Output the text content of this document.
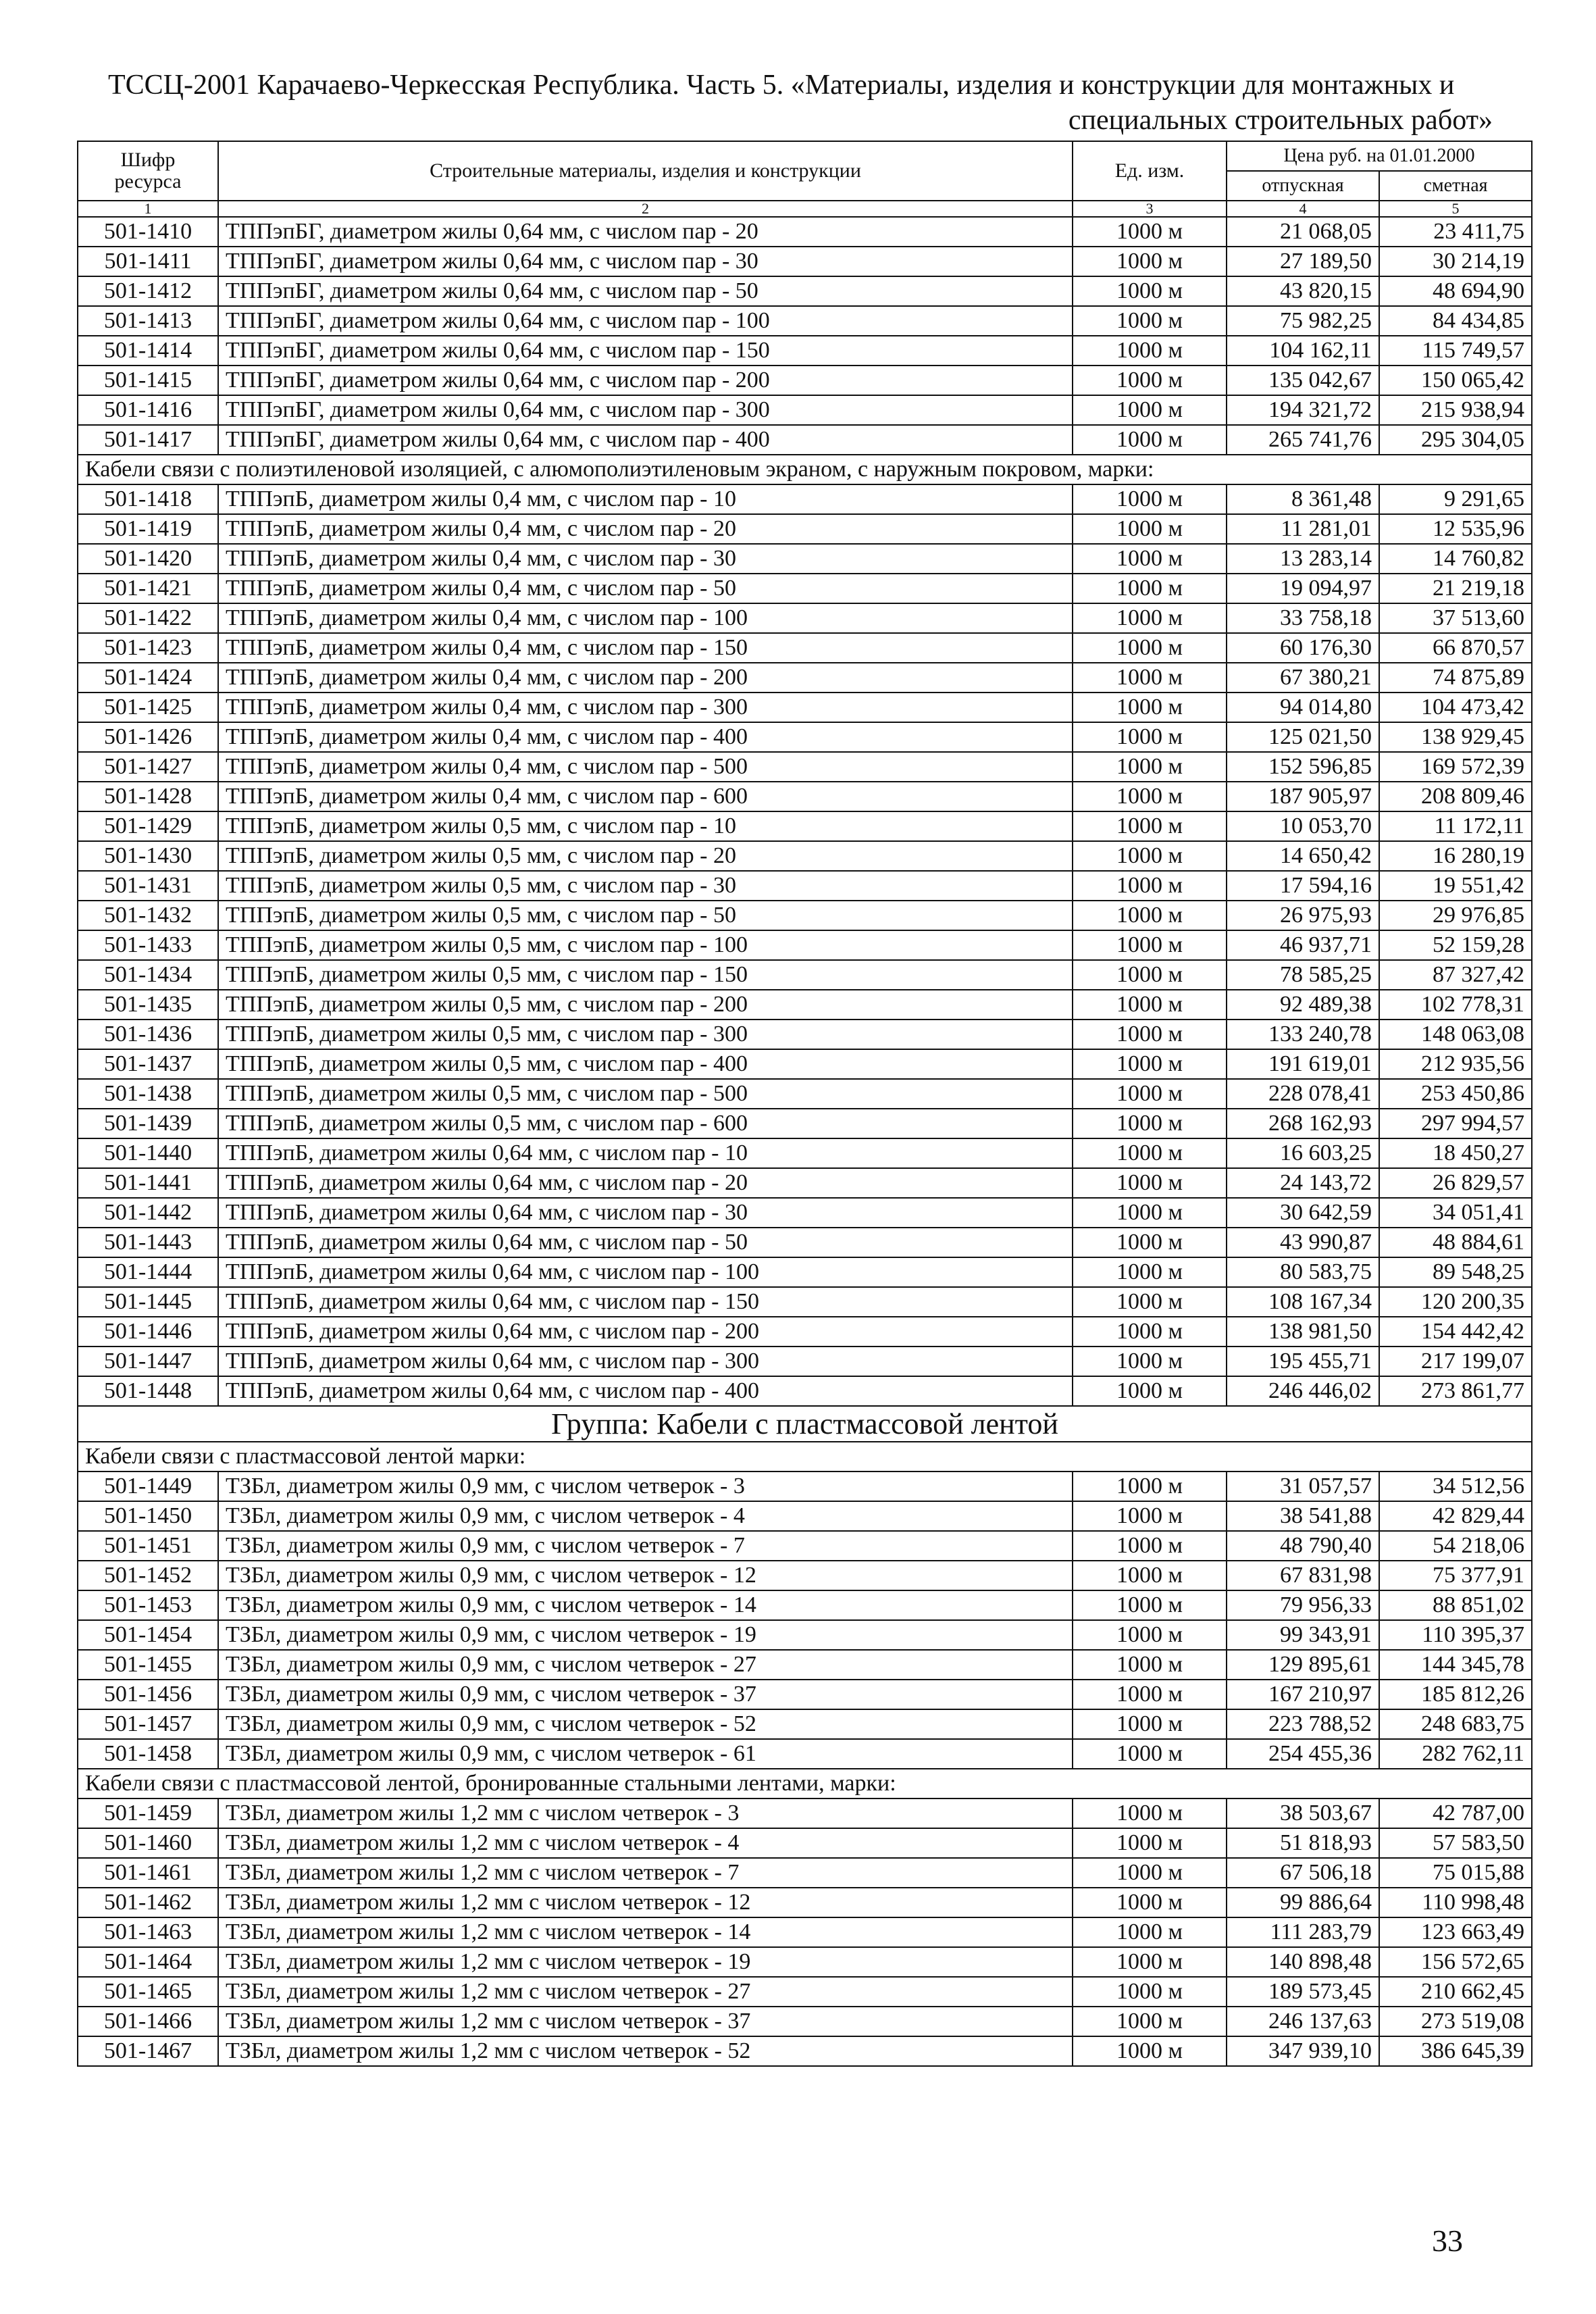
ТССЦ-2001 Карачаево-Черкесская Республика. Часть 5. «Материалы, изделия и конструкции для монтажных и
специальных строительных работ»
Шифр ресурса	Строительные материалы, изделия и конструкции	Ед. изм.	Цена руб. на 01.01.2000	
			отпускная	сметная
1	2	3	4	5
501-1410	ТППэпБГ, диаметром жилы 0,64 мм, с числом пар - 20	1000 м	21 068,05	23 411,75
501-1411	ТППэпБГ, диаметром жилы 0,64 мм, с числом пар - 30	1000 м	27 189,50	30 214,19
501-1412	ТППэпБГ, диаметром жилы 0,64 мм, с числом пар - 50	1000 м	43 820,15	48 694,90
501-1413	ТППэпБГ, диаметром жилы 0,64 мм, с числом пар - 100	1000 м	75 982,25	84 434,85
501-1414	ТППэпБГ, диаметром жилы 0,64 мм, с числом пар - 150	1000 м	104 162,11	115 749,57
501-1415	ТППэпБГ, диаметром жилы 0,64 мм, с числом пар - 200	1000 м	135 042,67	150 065,42
501-1416	ТППэпБГ, диаметром жилы 0,64 мм, с числом пар - 300	1000 м	194 321,72	215 938,94
501-1417	ТППэпБГ, диаметром жилы 0,64 мм, с числом пар - 400	1000 м	265 741,76	295 304,05
Кабели связи с полиэтиленовой изоляцией, с алюмополиэтиленовым экраном, с наружным покровом, марки:				
501-1418	ТППэпБ, диаметром жилы 0,4 мм, с числом пар - 10	1000 м	8 361,48	9 291,65
501-1419	ТППэпБ, диаметром жилы 0,4 мм, с числом пар - 20	1000 м	11 281,01	12 535,96
501-1420	ТППэпБ, диаметром жилы 0,4 мм, с числом пар - 30	1000 м	13 283,14	14 760,82
501-1421	ТППэпБ, диаметром жилы 0,4 мм, с числом пар - 50	1000 м	19 094,97	21 219,18
501-1422	ТППэпБ, диаметром жилы 0,4 мм, с числом пар - 100	1000 м	33 758,18	37 513,60
501-1423	ТППэпБ, диаметром жилы 0,4 мм, с числом пар - 150	1000 м	60 176,30	66 870,57
501-1424	ТППэпБ, диаметром жилы 0,4 мм, с числом пар - 200	1000 м	67 380,21	74 875,89
501-1425	ТППэпБ, диаметром жилы 0,4 мм, с числом пар - 300	1000 м	94 014,80	104 473,42
501-1426	ТППэпБ, диаметром жилы 0,4 мм, с числом пар - 400	1000 м	125 021,50	138 929,45
501-1427	ТППэпБ, диаметром жилы 0,4 мм, с числом пар - 500	1000 м	152 596,85	169 572,39
501-1428	ТППэпБ, диаметром жилы 0,4 мм, с числом пар - 600	1000 м	187 905,97	208 809,46
501-1429	ТППэпБ, диаметром жилы 0,5 мм, с числом пар - 10	1000 м	10 053,70	11 172,11
501-1430	ТППэпБ, диаметром жилы 0,5 мм, с числом пар - 20	1000 м	14 650,42	16 280,19
501-1431	ТППэпБ, диаметром жилы 0,5 мм, с числом пар - 30	1000 м	17 594,16	19 551,42
501-1432	ТППэпБ, диаметром жилы 0,5 мм, с числом пар - 50	1000 м	26 975,93	29 976,85
501-1433	ТППэпБ, диаметром жилы 0,5 мм, с числом пар - 100	1000 м	46 937,71	52 159,28
501-1434	ТППэпБ, диаметром жилы 0,5 мм, с числом пар - 150	1000 м	78 585,25	87 327,42
501-1435	ТППэпБ, диаметром жилы 0,5 мм, с числом пар - 200	1000 м	92 489,38	102 778,31
501-1436	ТППэпБ, диаметром жилы 0,5 мм, с числом пар - 300	1000 м	133 240,78	148 063,08
501-1437	ТППэпБ, диаметром жилы 0,5 мм, с числом пар - 400	1000 м	191 619,01	212 935,56
501-1438	ТППэпБ, диаметром жилы 0,5 мм, с числом пар - 500	1000 м	228 078,41	253 450,86
501-1439	ТППэпБ, диаметром жилы 0,5 мм, с числом пар - 600	1000 м	268 162,93	297 994,57
501-1440	ТППэпБ, диаметром жилы 0,64 мм, с числом пар - 10	1000 м	16 603,25	18 450,27
501-1441	ТППэпБ, диаметром жилы 0,64 мм, с числом пар - 20	1000 м	24 143,72	26 829,57
501-1442	ТППэпБ, диаметром жилы 0,64 мм, с числом пар - 30	1000 м	30 642,59	34 051,41
501-1443	ТППэпБ, диаметром жилы 0,64 мм, с числом пар - 50	1000 м	43 990,87	48 884,61
501-1444	ТППэпБ, диаметром жилы 0,64 мм, с числом пар - 100	1000 м	80 583,75	89 548,25
501-1445	ТППэпБ, диаметром жилы 0,64 мм, с числом пар - 150	1000 м	108 167,34	120 200,35
501-1446	ТППэпБ, диаметром жилы 0,64 мм, с числом пар - 200	1000 м	138 981,50	154 442,42
501-1447	ТППэпБ, диаметром жилы 0,64 мм, с числом пар - 300	1000 м	195 455,71	217 199,07
501-1448	ТППэпБ, диаметром жилы 0,64 мм, с числом пар - 400	1000 м	246 446,02	273 861,77
Группа: Кабели с пластмассовой лентой				
Кабели связи с пластмассовой лентой марки:				
501-1449	ТЗБл, диаметром жилы 0,9 мм, с числом четверок - 3	1000 м	31 057,57	34 512,56
501-1450	ТЗБл, диаметром жилы 0,9 мм, с числом четверок - 4	1000 м	38 541,88	42 829,44
501-1451	ТЗБл, диаметром жилы 0,9 мм, с числом четверок - 7	1000 м	48 790,40	54 218,06
501-1452	ТЗБл, диаметром жилы 0,9 мм, с числом четверок - 12	1000 м	67 831,98	75 377,91
501-1453	ТЗБл, диаметром жилы 0,9 мм, с числом четверок - 14	1000 м	79 956,33	88 851,02
501-1454	ТЗБл, диаметром жилы 0,9 мм, с числом четверок - 19	1000 м	99 343,91	110 395,37
501-1455	ТЗБл, диаметром жилы 0,9 мм, с числом четверок - 27	1000 м	129 895,61	144 345,78
501-1456	ТЗБл, диаметром жилы 0,9 мм, с числом четверок - 37	1000 м	167 210,97	185 812,26
501-1457	ТЗБл, диаметром жилы 0,9 мм, с числом четверок - 52	1000 м	223 788,52	248 683,75
501-1458	ТЗБл, диаметром жилы 0,9 мм, с числом четверок - 61	1000 м	254 455,36	282 762,11
Кабели связи с пластмассовой лентой, бронированные стальными лентами, марки:				
501-1459	ТЗБл, диаметром жилы 1,2 мм с числом четверок - 3	1000 м	38 503,67	42 787,00
501-1460	ТЗБл, диаметром жилы 1,2 мм с числом четверок - 4	1000 м	51 818,93	57 583,50
501-1461	ТЗБл, диаметром жилы 1,2 мм с числом четверок - 7	1000 м	67 506,18	75 015,88
501-1462	ТЗБл, диаметром жилы 1,2 мм с числом четверок - 12	1000 м	99 886,64	110 998,48
501-1463	ТЗБл, диаметром жилы 1,2 мм с числом четверок - 14	1000 м	111 283,79	123 663,49
501-1464	ТЗБл, диаметром жилы 1,2 мм с числом четверок - 19	1000 м	140 898,48	156 572,65
501-1465	ТЗБл, диаметром жилы 1,2 мм с числом четверок - 27	1000 м	189 573,45	210 662,45
501-1466	ТЗБл, диаметром жилы 1,2 мм с числом четверок - 37	1000 м	246 137,63	273 519,08
501-1467	ТЗБл, диаметром жилы 1,2 мм с числом четверок - 52	1000 м	347 939,10	386 645,39
33
